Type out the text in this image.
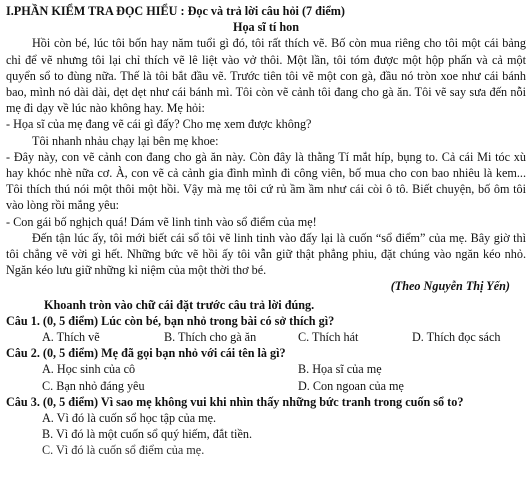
I.PHẦN KIỂM TRA ĐỌC HIỂU : Đọc và trả lời câu hỏi (7 điểm)
Họa sĩ tí hon

Hồi còn bé, lúc tôi bốn hay năm tuổi gì đó, tôi rất thích vẽ. Bố còn mua riêng cho tôi một cái bảng chỉ để vẽ nhưng tôi lại chỉ thích vẽ lê liệt vào vở thôi. Một lần, tôi tóm được một hộp phấn và cả một quyển sổ to đùng nữa. Thế là tôi bắt đầu vẽ. Trước tiên tôi vẽ một con gà, đầu nó tròn xoe như cái bánh bao, mình nó dài dài, dẹt dẹt như cái bánh mì. Tôi còn vẽ cảnh tôi đang cho gà ăn. Tôi vẽ say sưa đến nỗi mẹ đi dạy về lúc nào không hay. Mẹ hỏi:

- Họa sĩ của mẹ đang vẽ cái gì đấy? Cho mẹ xem được không?

Tôi nhanh nhảu chạy lại bên mẹ khoe:

- Đây này, con vẽ cảnh con đang cho gà ăn này. Còn đây là thằng Tí mắt híp, bụng to. Cả cái Mi tóc xù hay khóc nhè nữa cơ. À, con vẽ cả cảnh gia đình mình đi công viên, bố mua cho con bao nhiêu là kem... Tôi thích thú nói một thôi một hồi. Vậy mà mẹ tôi cứ rủ ầm ầm như cái còi ô tô. Biết chuyện, bố ôm tôi vào lòng rồi mắng yêu:

- Con gái bố nghịch quá! Dám vẽ linh tinh vào sổ điểm của mẹ!

Đến tận lúc ấy, tôi mới biết cái sổ tôi vẽ linh tinh vào đấy lại là cuốn “sổ điểm” của mẹ. Bây giờ thì tôi chẳng vẽ vời gì hết. Những bức vẽ hồi ấy tôi vẫn giữ thật phẳng phiu, đặt chúng vào ngăn kéo nhỏ. Ngăn kéo lưu giữ những kỉ niệm của một thời thơ bé.

(Theo Nguyễn Thị Yến)

Khoanh tròn vào chữ cái đặt trước câu trả lời đúng.

Câu 1. (0, 5 điểm) Lúc còn bé, bạn nhỏ trong bài có sở thích gì?

A. Thích vẽ	B. Thích cho gà ăn	C. Thích hát	D. Thích đọc sách

Câu 2. (0, 5 điểm) Mẹ đã gọi bạn nhỏ với cái tên là gì?

A. Học sinh của cô	B. Họa sĩ của mẹ
C. Bạn nhỏ đáng yêu	D. Con ngoan của mẹ

Câu 3. (0, 5 điểm) Vì sao mẹ không vui khi nhìn thấy những bức tranh trong cuốn sổ to?

A. Vì đó là cuốn sổ học tập của mẹ.

B. Vì đó là một cuốn sổ quý hiếm, đắt tiền.

C. Vì đó là cuốn sổ điểm của mẹ.
